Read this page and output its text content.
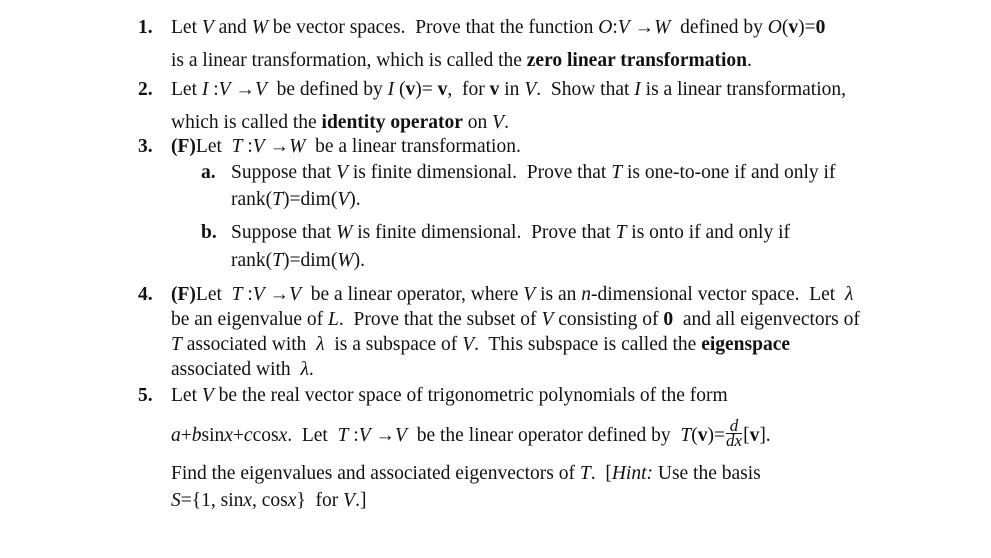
1. Let V and W be vector spaces.  Prove that the function O:V →W  defined by O(v)=0
is a linear transformation, which is called the zero linear transformation.
2. Let I :V →V  be defined by I (v)= v,  for v in V.  Show that I is a linear transformation,
which is called the identity operator on V.
3. (F)Let  T :V →W  be a linear transformation.
a. Suppose that V is finite dimensional.  Prove that T is one-to-one if and only if
rank(T)=dim(V).
b. Suppose that W is finite dimensional.  Prove that T is onto if and only if
rank(T)=dim(W).
4. (F)Let  T :V →V  be a linear operator, where V is an n-dimensional vector space.  Let  λ
be an eigenvalue of L.  Prove that the subset of V consisting of 0  and all eigenvectors of
T associated with  λ  is a subspace of V.  This subspace is called the eigenspace
associated with  λ.
5. Let V be the real vector space of trigonometric polynomials of the form
a+bsinx+ccosx.  Let  T :V →V  be the linear operator defined by  $T(v)= \frac{d}{dx} [v]$.
Find the eigenvalues and associated eigenvectors of T.  [Hint: Use the basis
S={1, sinx, cosx}  for V.]
